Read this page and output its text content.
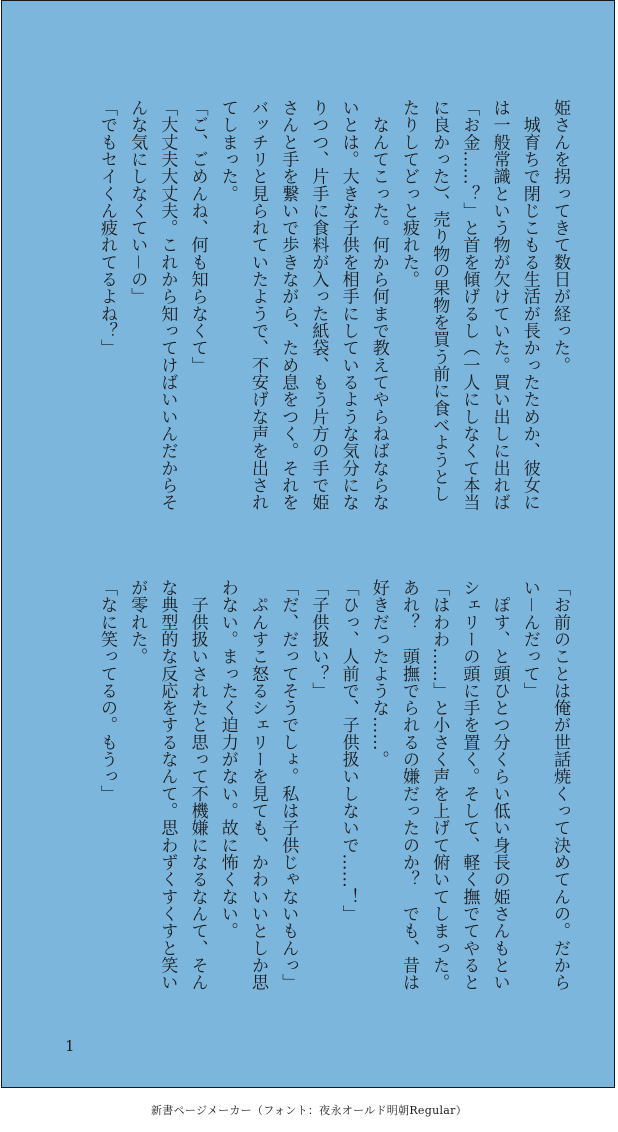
姫さんを拐ってきて数日が経った。
　城育ちで閉じこもる生活が長かったためか、彼女に
は一般常識という物が欠けていた。買い出しに出れば
「お金……？」と首を傾げるし（一人にしなくて本当
に良かった）、売り物の果物を買う前に食べようとし
たりしてどっと疲れた。
　なんてこった。何から何まで教えてやらねばならな
いとは。大きな子供を相手にしているような気分にな
りつつ、片手に食料が入った紙袋、もう片方の手で姫
さんと手を繋いで歩きながら、ため息をつく。それを
バッチリと見られていたようで、不安げな声を出され
てしまった。
「ご、ごめんね、何も知らなくて」
「大丈夫大丈夫。これから知ってけばいいんだからそ
んな気にしなくてい－の」
「でもセイくん疲れてるよね？」
「お前のことは俺が世話焼くって決めてんの。だから
い－んだって」
　ぽす、と頭ひとつ分くらい低い身長の姫さんもとい
シェリーの頭に手を置く。そして、軽く撫でてやると
「はわわ……」と小さく声を上げて俯いてしまった。
あれ？　頭撫でられるの嫌だったのか？　でも、昔は
好きだったような……。
「ひっ、人前で、子供扱いしないで……！」
「子供扱い？」
「だ、だってそうでしょ。私は子供じゃないもんっ」
　ぷんすこ怒るシェリーを見ても、かわいいとしか思
わない。まったく迫力がない。故に怖くない。
　子供扱いされたと思って不機嫌になるなんて、そん
な典型的な反応をするなんて。思わずくすくすと笑い
が零れた。
「なに笑ってるの。もうっ」
1
新書ページメーカー（フォント：夜永オールド明朝Regular）
